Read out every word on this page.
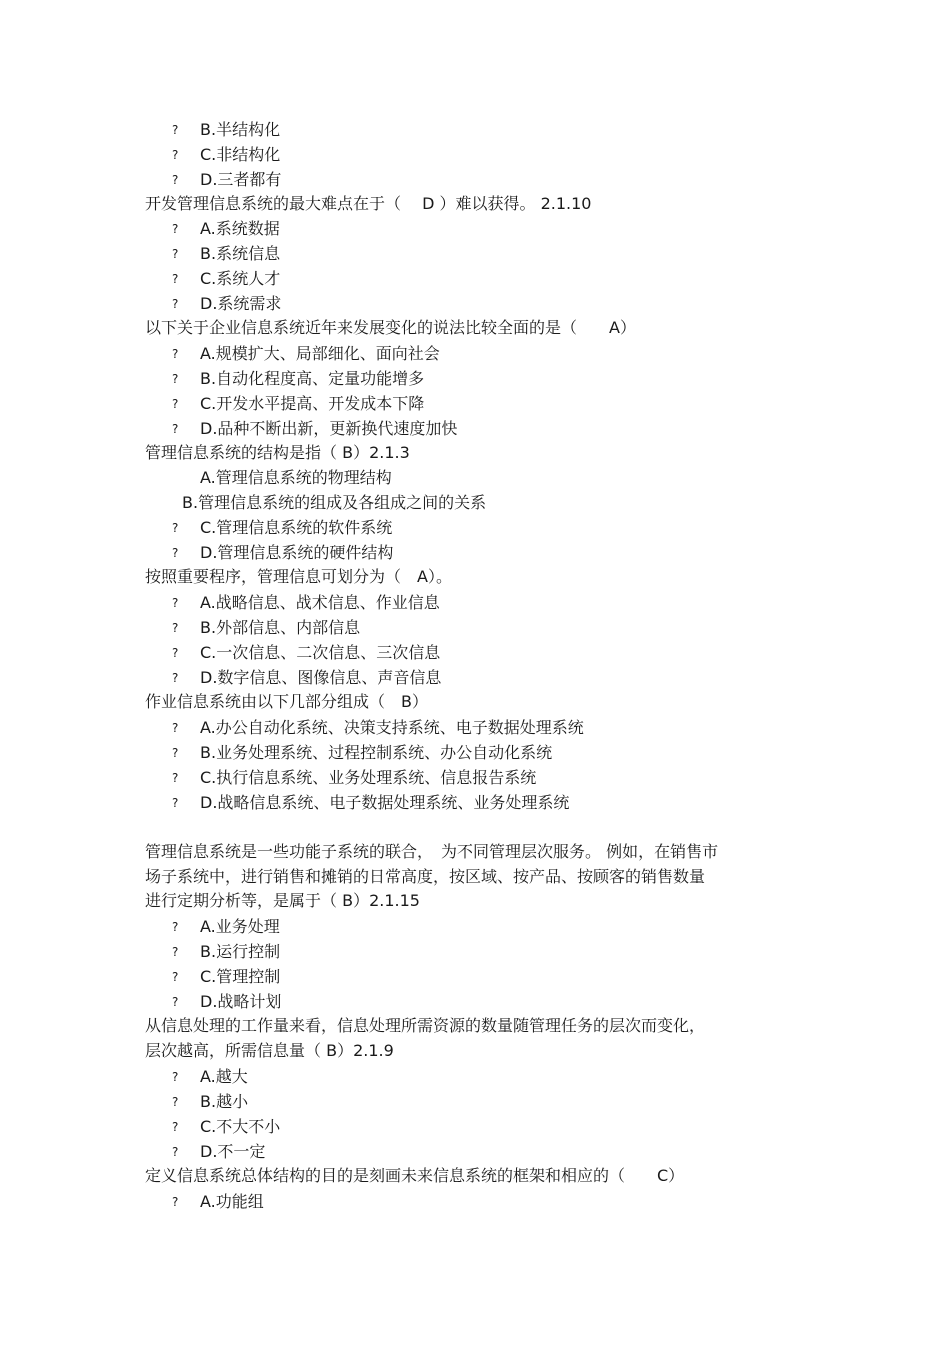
? B.半结构化
? C.非结构化
? D.三者都有
开发管理信息系统的最大难点在于（　 D ）难以获得。 2.1.10
? A.系统数据
? B.系统信息
? C.系统人才
? D.系统需求
以下关于企业信息系统近年来发展变化的说法比较全面的是（　　A）
? A.规模扩大、局部细化、面向社会
? B.自动化程度高、定量功能增多
? C.开发水平提高、开发成本下降
? D.品种不断出新，更新换代速度加快
管理信息系统的结构是指（ B）2.1.3
A.管理信息系统的物理结构
B.管理信息系统的组成及各组成之间的关系
? C.管理信息系统的软件系统
? D.管理信息系统的硬件结构
按照重要程序，管理信息可划分为（　A）。
? A.战略信息、战术信息、作业信息
? B.外部信息、内部信息
? C.一次信息、二次信息、三次信息
? D.数字信息、图像信息、声音信息
作业信息系统由以下几部分组成（　B）
? A.办公自动化系统、决策支持系统、电子数据处理系统
? B.业务处理系统、过程控制系统、办公自动化系统
? C.执行信息系统、业务处理系统、信息报告系统
? D.战略信息系统、电子数据处理系统、业务处理系统
管理信息系统是一些功能子系统的联合，　为不同管理层次服务。 例如，在销售市
场子系统中，进行销售和摊销的日常高度，按区域、按产品、按顾客的销售数量
进行定期分析等，是属于（ B）2.1.15
? A.业务处理
? B.运行控制
? C.管理控制
? D.战略计划
从信息处理的工作量来看，信息处理所需资源的数量随管理任务的层次而变化，
层次越高，所需信息量（ B）2.1.9
? A.越大
? B.越小
? C.不大不小
? D.不一定
定义信息系统总体结构的目的是刻画未来信息系统的框架和相应的（　　C）
? A.功能组
